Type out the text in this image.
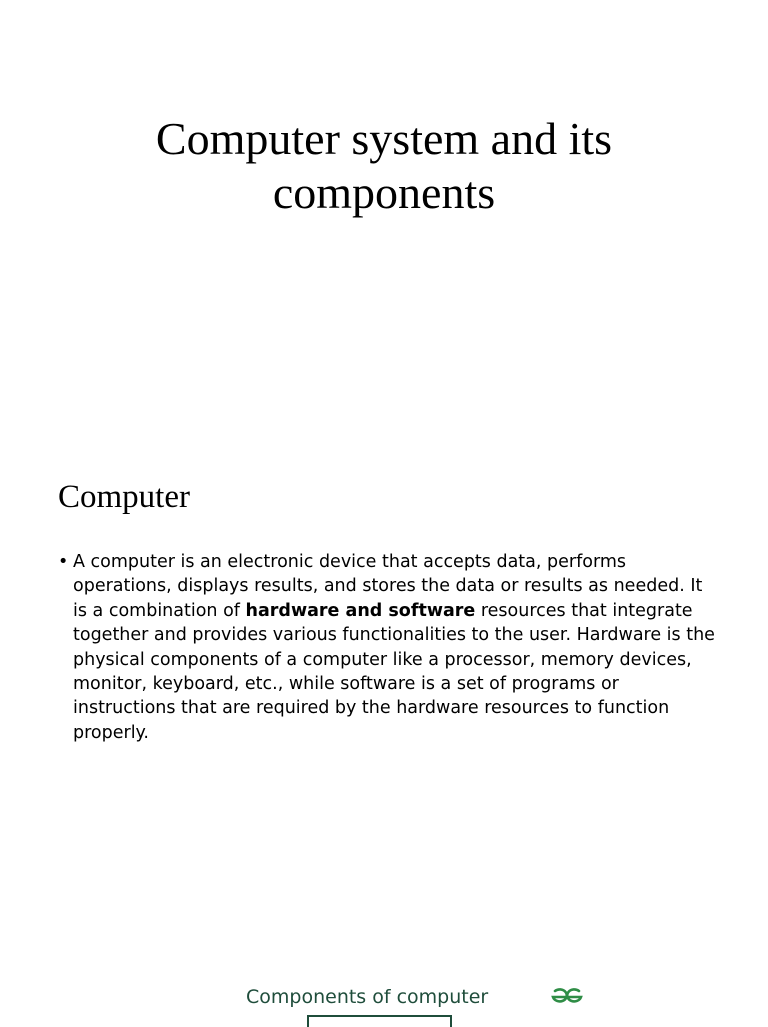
Computer system and its components
Computer
• A computer is an electronic device that accepts data, performs operations, displays results, and stores the data or results as needed. It is a combination of hardware and software resources that integrate together and provides various functionalities to the user. Hardware is the physical components of a computer like a processor, memory devices, monitor, keyboard, etc., while software is a set of programs or instructions that are required by the hardware resources to function properly.
Components of computer
